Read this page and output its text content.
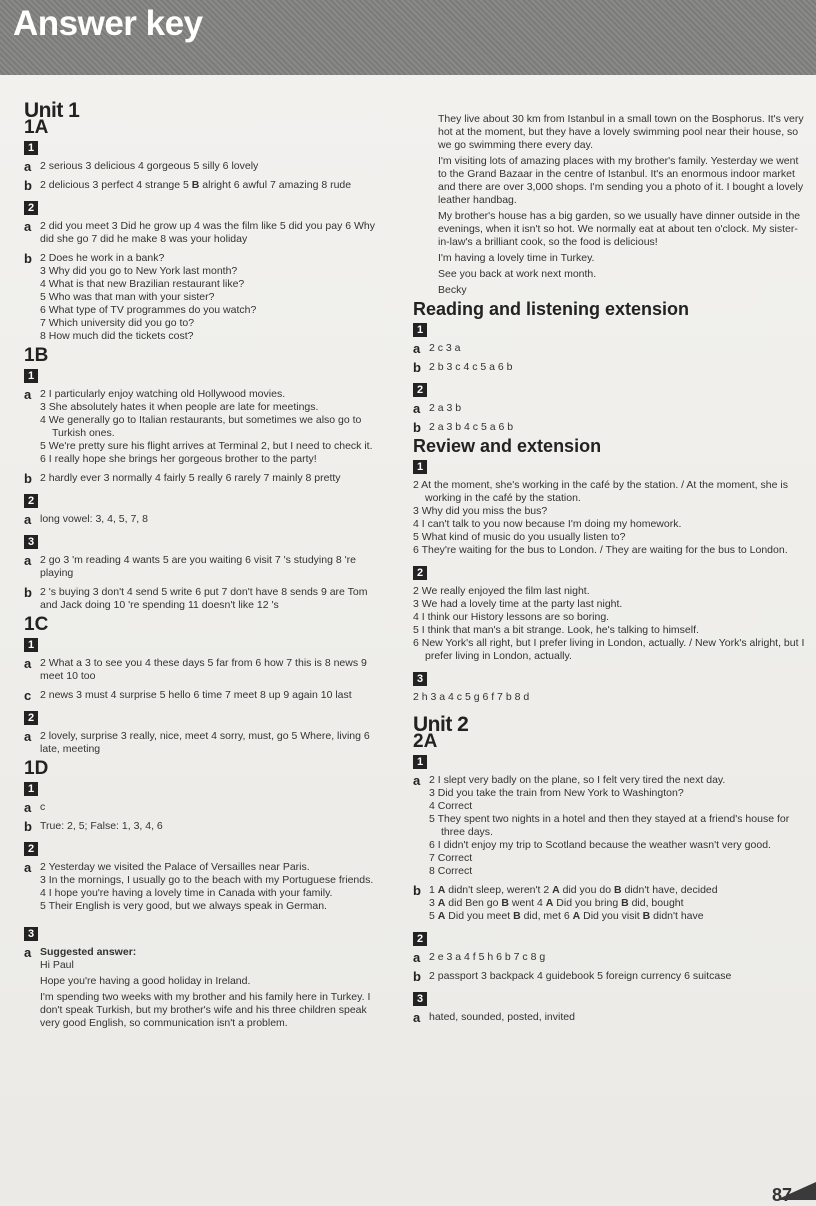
Answer key
Unit 1
1A
1
a 2 serious 3 delicious 4 gorgeous 5 silly 6 lovely
b 2 delicious 3 perfect 4 strange 5 B alright 6 awful 7 amazing 8 rude
2
a 2 did you meet 3 Did he grow up 4 was the film like 5 did you pay 6 Why did she go 7 did he make 8 was your holiday
b 2 Does he work in a bank?
3 Why did you go to New York last month?
4 What is that new Brazilian restaurant like?
5 Who was that man with your sister?
6 What type of TV programmes do you watch?
7 Which university did you go to?
8 How much did the tickets cost?
1B
1
a 2 I particularly enjoy watching old Hollywood movies.
3 She absolutely hates it when people are late for meetings.
4 We generally go to Italian restaurants, but sometimes we also go to Turkish ones.
5 We're pretty sure his flight arrives at Terminal 2, but I need to check it.
6 I really hope she brings her gorgeous brother to the party!
b 2 hardly ever 3 normally 4 fairly 5 really 6 rarely 7 mainly 8 pretty
2
a long vowel: 3, 4, 5, 7, 8
3
a 2 go 3 'm reading 4 wants 5 are you waiting 6 visit 7 's studying 8 're playing
b 2 's buying 3 don't 4 send 5 write 6 put 7 don't have 8 sends 9 are Tom and Jack doing 10 're spending 11 doesn't like 12 's
1C
1
a 2 What a 3 to see you 4 these days 5 far from 6 how 7 this is 8 news 9 meet 10 too
c 2 news 3 must 4 surprise 5 hello 6 time 7 meet 8 up 9 again 10 last
2
a 2 lovely, surprise 3 really, nice, meet 4 sorry, must, go 5 Where, living 6 late, meeting
1D
1
a c
b True: 2, 5; False: 1, 3, 4, 6
2
a 2 Yesterday we visited the Palace of Versailles near Paris.
3 In the mornings, I usually go to the beach with my Portuguese friends.
4 I hope you're having a lovely time in Canada with your family.
5 Their English is very good, but we always speak in German.
3
a Suggested answer:
Hi Paul
Hope you're having a good holiday in Ireland.
I'm spending two weeks with my brother and his family here in Turkey. I don't speak Turkish, but my brother's wife and his three children speak very good English, so communication isn't a problem.
They live about 30 km from Istanbul in a small town on the Bosphorus. It's very hot at the moment, but they have a lovely swimming pool near their house, so we go swimming there every day.
I'm visiting lots of amazing places with my brother's family. Yesterday we went to the Grand Bazaar in the centre of Istanbul. It's an enormous indoor market and there are over 3,000 shops. I'm sending you a photo of it. I bought a lovely leather handbag.
My brother's house has a big garden, so we usually have dinner outside in the evenings, when it isn't so hot. We normally eat at about ten o'clock. My sister-in-law's a brilliant cook, so the food is delicious!
I'm having a lovely time in Turkey.
See you back at work next month.
Becky
Reading and listening extension
1
a 2 c 3 a
b 2 b 3 c 4 c 5 a 6 b
2
a 2 a 3 b
b 2 a 3 b 4 c 5 a 6 b
Review and extension
1
2 At the moment, she's working in the café by the station. / At the moment, she is working in the café by the station.
3 Why did you miss the bus?
4 I can't talk to you now because I'm doing my homework.
5 What kind of music do you usually listen to?
6 They're waiting for the bus to London. / They are waiting for the bus to London.
2
2 We really enjoyed the film last night.
3 We had a lovely time at the party last night.
4 I think our History lessons are so boring.
5 I think that man's a bit strange. Look, he's talking to himself.
6 New York's all right, but I prefer living in London, actually. / New York's alright, but I prefer living in London, actually.
3
2 h 3 a 4 c 5 g 6 f 7 b 8 d
Unit 2
2A
1
a 2 I slept very badly on the plane, so I felt very tired the next day.
3 Did you take the train from New York to Washington?
4 Correct
5 They spent two nights in a hotel and then they stayed at a friend's house for three days.
6 I didn't enjoy my trip to Scotland because the weather wasn't very good.
7 Correct
8 Correct
b 1 A didn't sleep, weren't 2 A did you do B didn't have, decided
3 A did Ben go B went 4 A Did you bring B did, bought
5 A Did you meet B did, met 6 A Did you visit B didn't have
2
a 2 e 3 a 4 f 5 h 6 b 7 c 8 g
b 2 passport 3 backpack 4 guidebook 5 foreign currency 6 suitcase
3
a hated, sounded, posted, invited
87
